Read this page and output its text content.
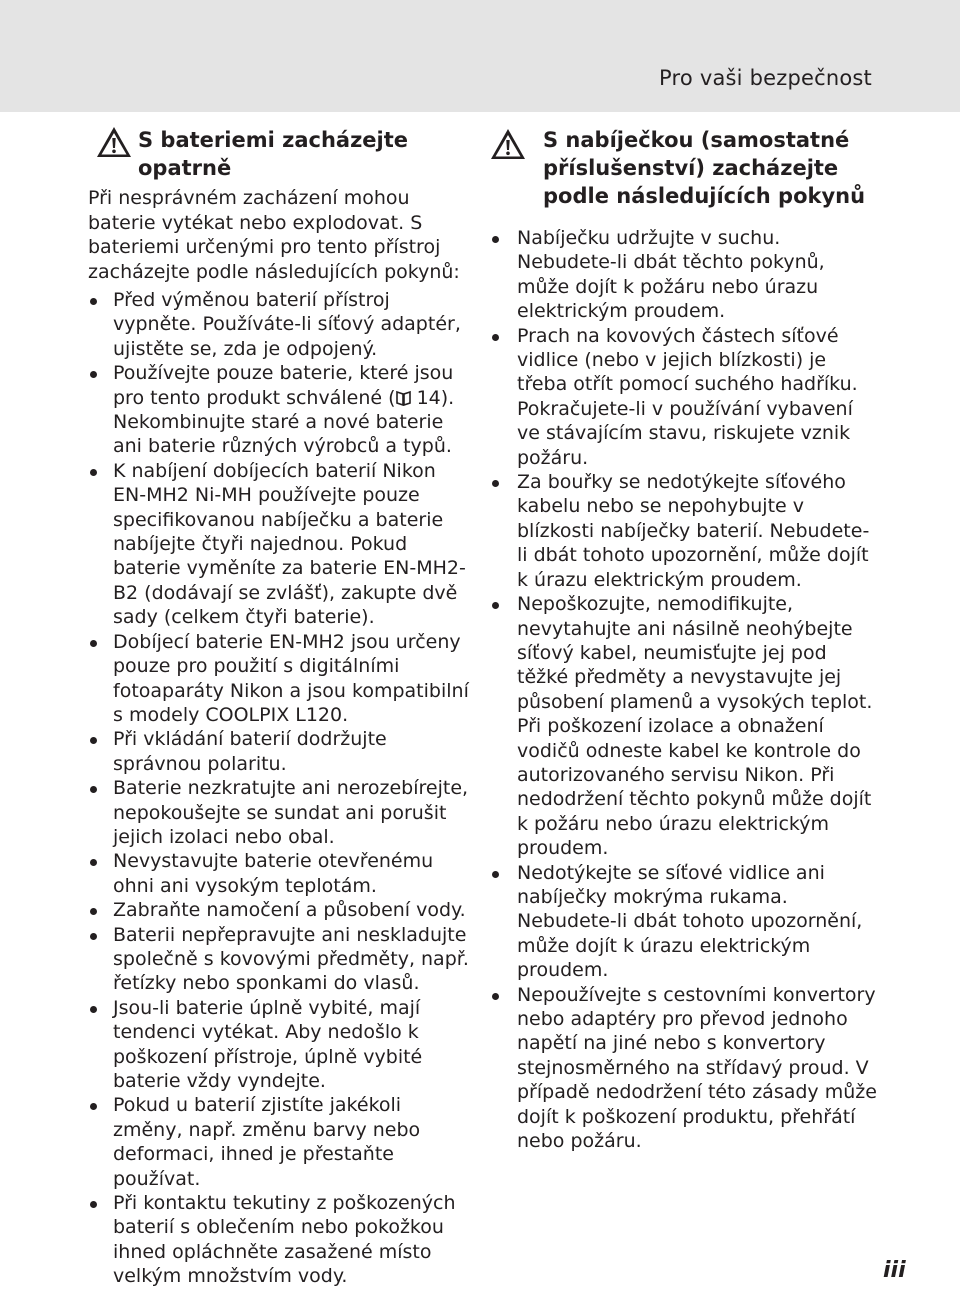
Pro vaši bezpečnost
S bateriemi zacházejte opatrně
Při nesprávném zacházení mohou baterie vytékat nebo explodovat. S bateriemi určenými pro tento přístroj zacházejte podle následujících pokynů:
Před výměnou baterií přístroj vypněte. Používáte-li síťový adaptér, ujistěte se, zda je odpojený.
Používejte pouze baterie, které jsou pro tento produkt schválené ( 14). Nekombinujte staré a nové baterie ani baterie různých výrobců a typů.
K nabíjení dobíjecích baterií Nikon EN-MH2 Ni-MH používejte pouze specifikovanou nabíječku a baterie nabíjejte čtyři najednou. Pokud baterie vyměníte za baterie EN-MH2-B2 (dodávají se zvlášť), zakupte dvě sady (celkem čtyři baterie).
Dobíjecí baterie EN-MH2 jsou určeny pouze pro použití s digitálními fotoaparáty Nikon a jsou kompatibilní s modely COOLPIX L120.
Při vkládání baterií dodržujte správnou polaritu.
Baterie nezkratujte ani nerozebírejte, nepokoušejte se sundat ani porušit jejich izolaci nebo obal.
Nevystavujte baterie otevřenému ohni ani vysokým teplotám.
Zabraňte namočení a působení vody.
Baterii nepřepravujte ani neskladujte společně s kovovými předměty, např. řetízky nebo sponkami do vlasů.
Jsou-li baterie úplně vybité, mají tendenci vytékat. Aby nedošlo k poškození přístroje, úplně vybité baterie vždy vyndejte.
Pokud u baterií zjistíte jakékoli změny, např. změnu barvy nebo deformaci, ihned je přestaňte používat.
Při kontaktu tekutiny z poškozených baterií s oblečením nebo pokožkou ihned opláchněte zasažené místo velkým množstvím vody.
S nabíječkou (samostatné příslušenství) zacházejte podle následujících pokynů
Nabíječku udržujte v suchu. Nebudete-li dbát těchto pokynů, může dojít k požáru nebo úrazu elektrickým proudem.
Prach na kovových částech síťové vidlice (nebo v jejich blízkosti) je třeba otřít pomocí suchého hadříku. Pokračujete-li v používání vybavení ve stávajícím stavu, riskujete vznik požáru.
Za bouřky se nedotýkejte síťového kabelu nebo se nepohybujte v blízkosti nabíječky baterií. Nebudete-li dbát tohoto upozornění, může dojít k úrazu elektrickým proudem.
Nepoškozujte, nemodifikujte, nevytahujte ani násilně neohýbejte síťový kabel, neumisťujte jej pod těžké předměty a nevystavujte jej působení plamenů a vysokých teplot. Při poškození izolace a obnažení vodičů odneste kabel ke kontrole do autorizovaného servisu Nikon. Při nedodržení těchto pokynů může dojít k požáru nebo úrazu elektrickým proudem.
Nedotýkejte se síťové vidlice ani nabíječky mokrýma rukama. Nebudete-li dbát tohoto upozornění, může dojít k úrazu elektrickým proudem.
Nepoužívejte s cestovními konvertory nebo adaptéry pro převod jednoho napětí na jiné nebo s konvertory stejnosměrného na střídavý proud. V případě nedodržení této zásady může dojít k poškození produktu, přehřátí nebo požáru.
iii
